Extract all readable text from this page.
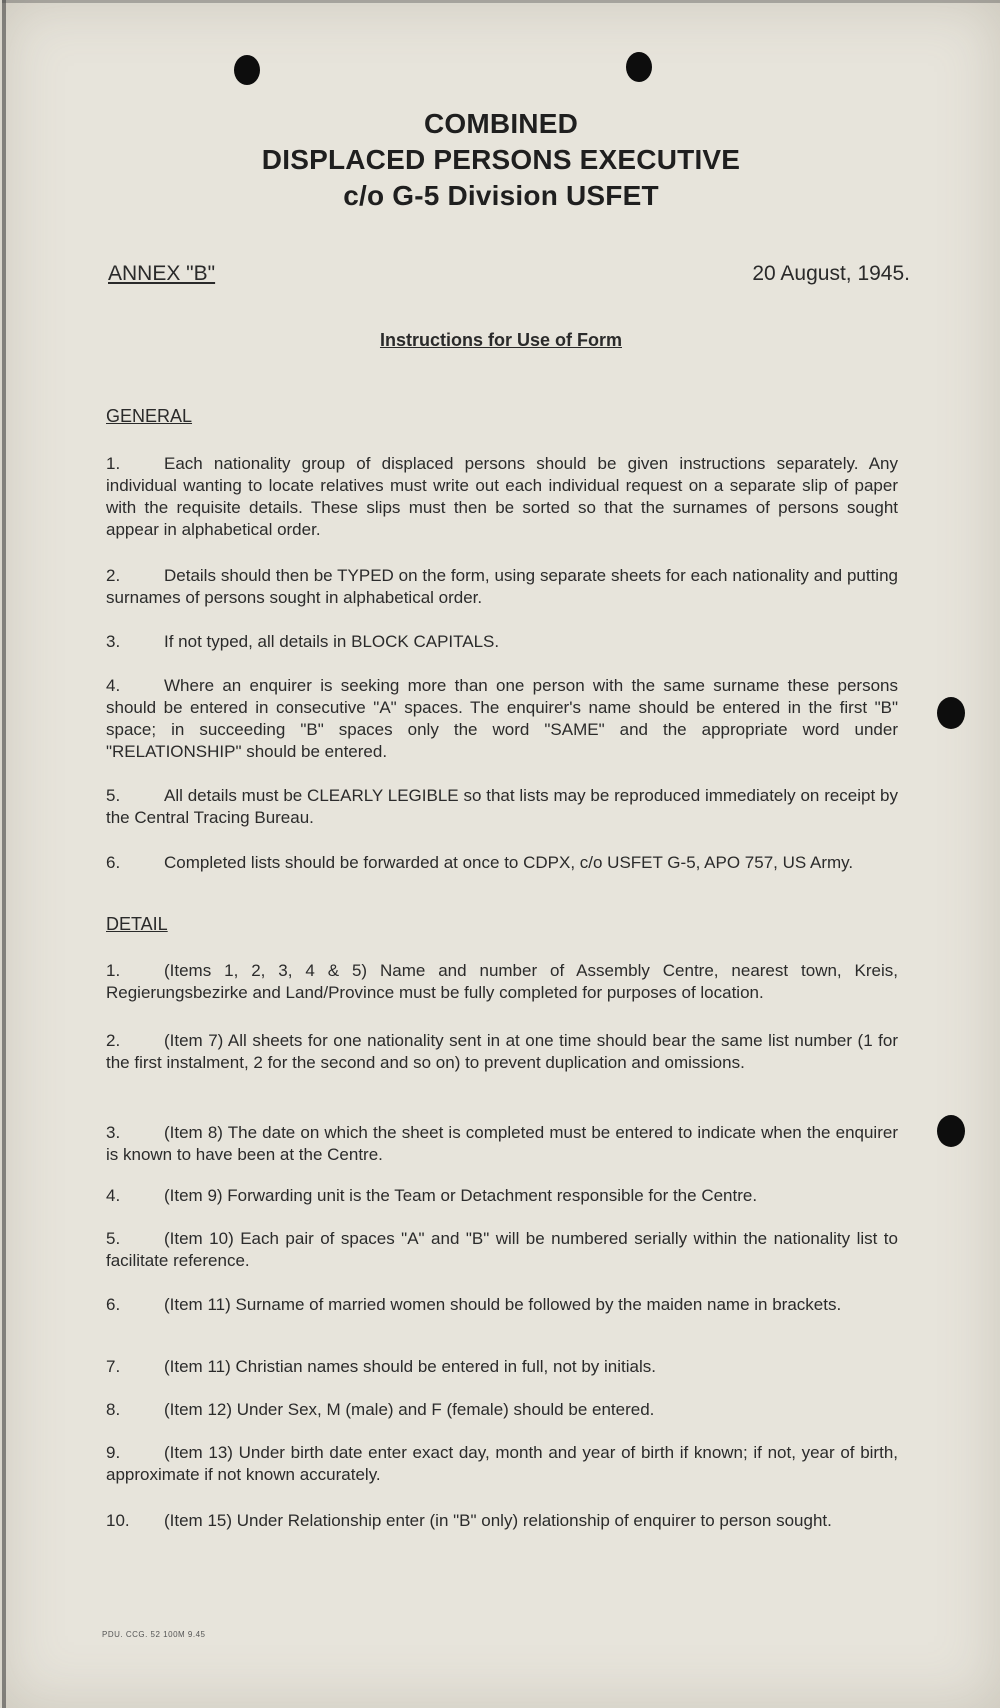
COMBINED
DISPLACED PERSONS EXECUTIVE
c/o G-5 Division USFET
ANNEX "B"	20 August, 1945.
Instructions for Use of Form
GENERAL
1.	Each nationality group of displaced persons should be given instructions separately. Any individual wanting to locate relatives must write out each individual request on a separate slip of paper with the requisite details. These slips must then be sorted so that the surnames of persons sought appear in alphabetical order.
2.	Details should then be TYPED on the form, using separate sheets for each nationality and putting surnames of persons sought in alphabetical order.
3.	If not typed, all details in BLOCK CAPITALS.
4.	Where an enquirer is seeking more than one person with the same surname these persons should be entered in consecutive "A" spaces. The enquirer's name should be entered in the first "B" space; in succeeding "B" spaces only the word "SAME" and the appropriate word under "RELATIONSHIP" should be entered.
5.	All details must be CLEARLY LEGIBLE so that lists may be reproduced immediately on receipt by the Central Tracing Bureau.
6.	Completed lists should be forwarded at once to CDPX, c/o USFET G-5, APO 757, US Army.
DETAIL
1.	(Items 1, 2, 3, 4 & 5) Name and number of Assembly Centre, nearest town, Kreis, Regierungsbezirke and Land/Province must be fully completed for purposes of location.
2.	(Item 7) All sheets for one nationality sent in at one time should bear the same list number (1 for the first instalment, 2 for the second and so on) to prevent duplication and omissions.
3.	(Item 8) The date on which the sheet is completed must be entered to indicate when the enquirer is known to have been at the Centre.
4.	(Item 9) Forwarding unit is the Team or Detachment responsible for the Centre.
5.	(Item 10) Each pair of spaces "A" and "B" will be numbered serially within the nationality list to facilitate reference.
6.	(Item 11) Surname of married women should be followed by the maiden name in brackets.
7.	(Item 11) Christian names should be entered in full, not by initials.
8.	(Item 12) Under Sex, M (male) and F (female) should be entered.
9.	(Item 13) Under birth date enter exact day, month and year of birth if known; if not, year of birth, approximate if not known accurately.
10. (Item 15) Under Relationship enter (in "B" only) relationship of enquirer to person sought.
PDU. CCG. 52 100M 9.45
